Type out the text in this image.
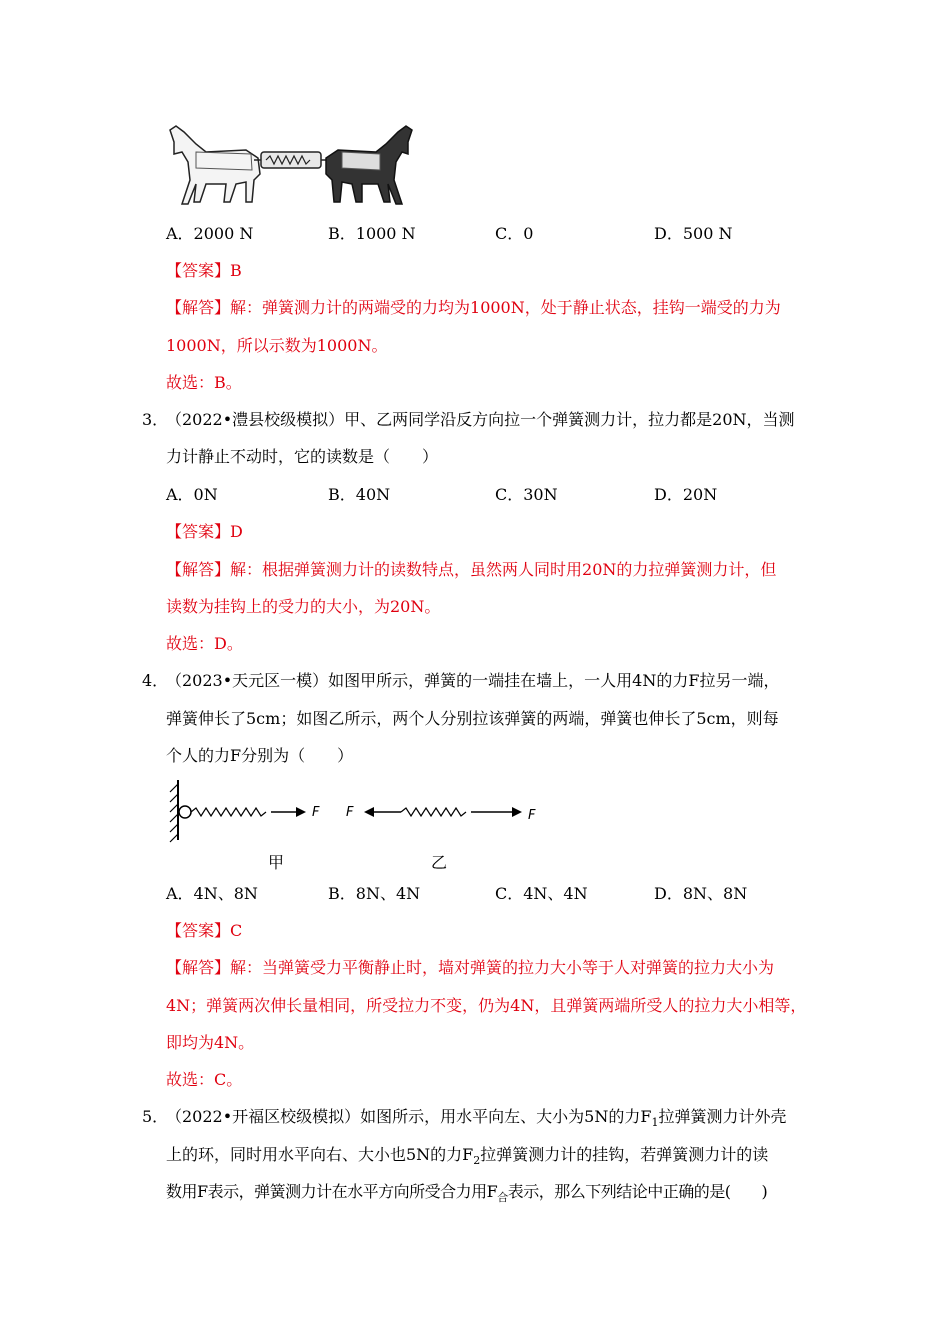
A．2000 N	B．1000 N	C．0	D．500 N
【答案】B
【解答】解：弹簧测力计的两端受的力均为1000N，处于静止状态，挂钩一端受的力为
1000N，所以示数为1000N。
故选：B。
3．
（2022•澧县校级模拟）甲、乙两同学沿反方向拉一个弹簧测力计，拉力都是20N，当测
力计静止不动时，它的读数是（　　）
A．0N	B．40N	C．30N	D．20N
【答案】D
【解答】解：根据弹簧测力计的读数特点，虽然两人同时用20N的力拉弹簧测力计，但
读数为挂钩上的受力的大小，为20N。
故选：D。
4．
（2023•天元区一模）如图甲所示，弹簧的一端挂在墙上，一人用4N的力F拉另一端，
弹簧伸长了5cm；如图乙所示，两个人分别拉该弹簧的两端，弹簧也伸长了5cm，则每
个人的力F分别为（　　）
F F	F
甲	乙
A．4N、8N	B．8N、4N	C．4N、4N	D．8N、8N
【答案】C
【解答】解：当弹簧受力平衡静止时，墙对弹簧的拉力大小等于人对弹簧的拉力大小为
4N；弹簧两次伸长量相同，所受拉力不变，仍为4N，且弹簧两端所受人的拉力大小相等，
即均为4N。
故选：C。
5．
（2022•开福区校级模拟）如图所示，用水平向左、大小为5N的力$F_1$拉弹簧测力计外壳
上的环，同时用水平向右、大小也5N的力$F_2$拉弹簧测力计的挂钩，若弹簧测力计的读
数用F表示，弹簧测力计在水平方向所受合力用$F_合$表示，那么下列结论中正确的是(　　)
